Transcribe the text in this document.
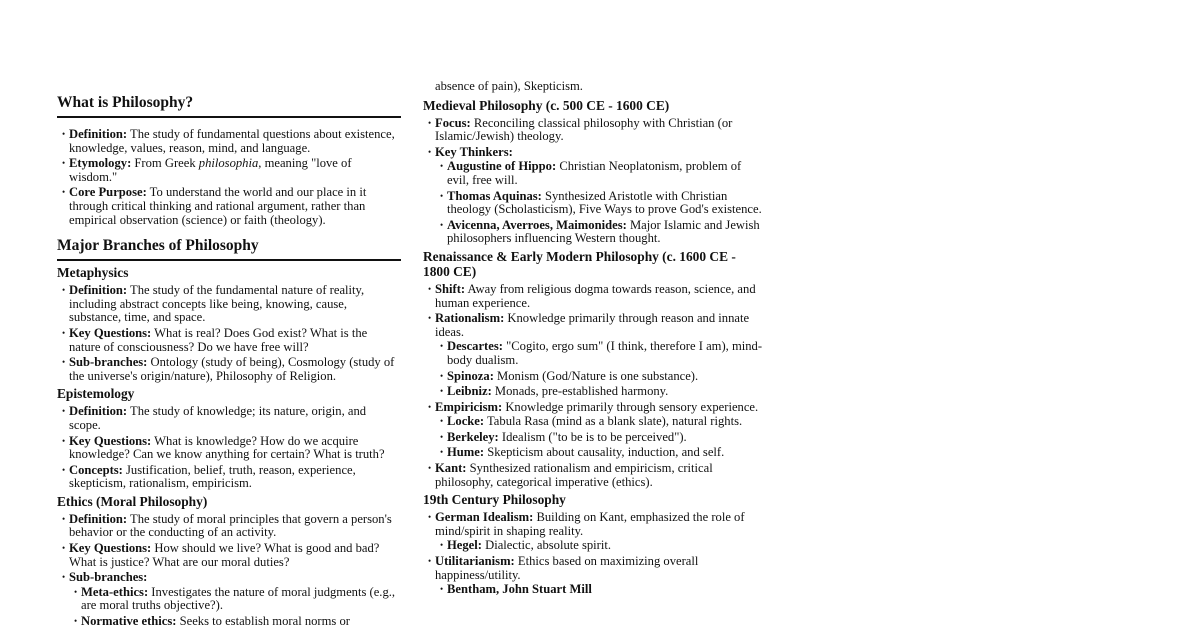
What is Philosophy?
• Definition: The study of fundamental questions about existence, knowledge, values, reason, mind, and language.
• Etymology: From Greek philosophia, meaning "love of wisdom."
• Core Purpose: To understand the world and our place in it through critical thinking and rational argument, rather than empirical observation (science) or faith (theology).
Major Branches of Philosophy
Metaphysics
• Definition: The study of the fundamental nature of reality, including abstract concepts like being, knowing, cause, substance, time, and space.
• Key Questions: What is real? Does God exist? What is the nature of consciousness? Do we have free will?
• Sub-branches: Ontology (study of being), Cosmology (study of the universe's origin/nature), Philosophy of Religion.
Epistemology
• Definition: The study of knowledge; its nature, origin, and scope.
• Key Questions: What is knowledge? How do we acquire knowledge? Can we know anything for certain? What is truth?
• Concepts: Justification, belief, truth, reason, experience, skepticism, rationalism, empiricism.
Ethics (Moral Philosophy)
• Definition: The study of moral principles that govern a person's behavior or the conducting of an activity.
• Key Questions: How should we live? What is good and bad? What is justice? What are our moral duties?
• Sub-branches:
• Meta-ethics: Investigates the nature of moral judgments (e.g., are moral truths objective?).
• Normative ethics: Seeks to establish moral norms or
absence of pain), Skepticism.
Medieval Philosophy (c. 500 CE - 1600 CE)
• Focus: Reconciling classical philosophy with Christian (or Islamic/Jewish) theology.
• Key Thinkers:
• Augustine of Hippo: Christian Neoplatonism, problem of evil, free will.
• Thomas Aquinas: Synthesized Aristotle with Christian theology (Scholasticism), Five Ways to prove God's existence.
• Avicenna, Averroes, Maimonides: Major Islamic and Jewish philosophers influencing Western thought.
Renaissance & Early Modern Philosophy (c. 1600 CE - 1800 CE)
• Shift: Away from religious dogma towards reason, science, and human experience.
• Rationalism: Knowledge primarily through reason and innate ideas.
• Descartes: "Cogito, ergo sum" (I think, therefore I am), mind-body dualism.
• Spinoza: Monism (God/Nature is one substance).
• Leibniz: Monads, pre-established harmony.
• Empiricism: Knowledge primarily through sensory experience.
• Locke: Tabula Rasa (mind as a blank slate), natural rights.
• Berkeley: Idealism ("to be is to be perceived").
• Hume: Skepticism about causality, induction, and self.
• Kant: Synthesized rationalism and empiricism, critical philosophy, categorical imperative (ethics).
19th Century Philosophy
• German Idealism: Building on Kant, emphasized the role of mind/spirit in shaping reality.
• Hegel: Dialectic, absolute spirit.
• Utilitarianism: Ethics based on maximizing overall happiness/utility.
• Bentham, John Stuart Mill
